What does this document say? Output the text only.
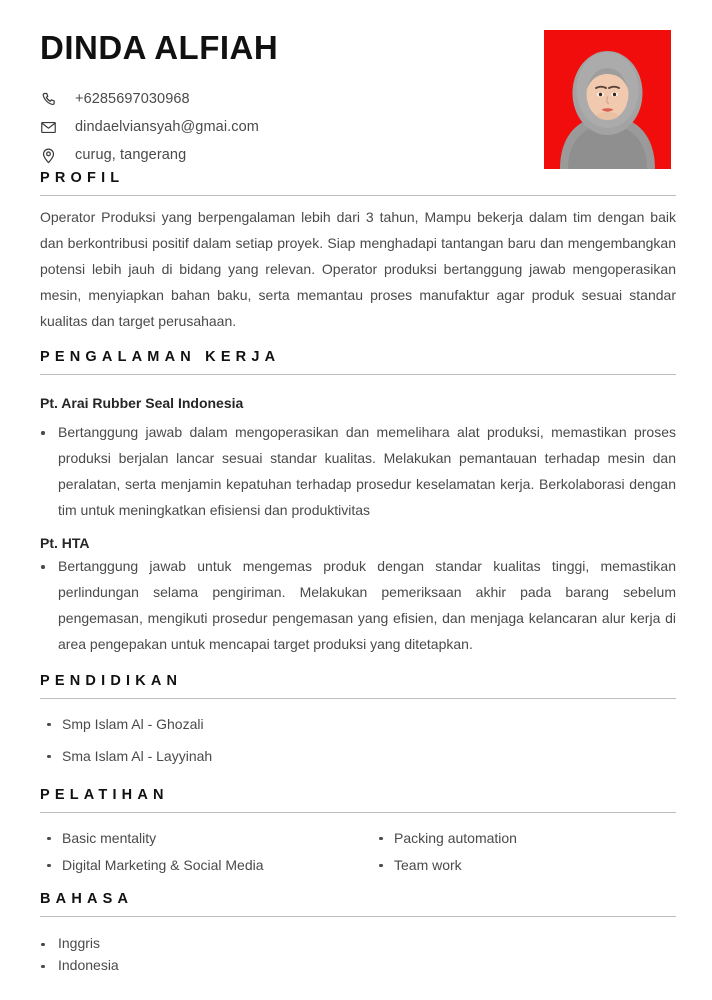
DINDA ALFIAH
+6285697030968
dindaelviansyah@gmai.com
curug, tangerang
PROFIL

Operator Produksi yang berpengalaman lebih dari 3 tahun, Mampu bekerja dalam tim dengan baik dan berkontribusi positif dalam setiap proyek. Siap menghadapi tantangan baru dan mengembangkan potensi lebih jauh di bidang yang relevan. Operator produksi bertanggung jawab mengoperasikan mesin, menyiapkan bahan baku, serta memantau proses manufaktur agar produk sesuai standar kualitas dan target perusahaan.

PENGALAMAN KERJA

Pt. Arai Rubber Seal Indonesia

Bertanggung jawab dalam mengoperasikan dan memelihara alat produksi, memastikan proses produksi berjalan lancar sesuai standar kualitas. Melakukan pemantauan terhadap mesin dan peralatan, serta menjamin kepatuhan terhadap prosedur keselamatan kerja. Berkolaborasi dengan tim untuk meningkatkan efisiensi dan produktivitas

Pt. HTA

Bertanggung jawab untuk mengemas produk dengan standar kualitas tinggi, memastikan perlindungan selama pengiriman. Melakukan pemeriksaan akhir pada barang sebelum pengemasan, mengikuti prosedur pengemasan yang efisien, dan menjaga kelancaran alur kerja di area pengepakan untuk mencapai target produksi yang ditetapkan.
PENDIDIKAN
Smp Islam Al - Ghozali
Sma Islam Al - Layyinah
PELATIHAN
Basic mentality
Digital Marketing & Social Media
Packing automation
Team work
BAHASA
Inggris
Indonesia
